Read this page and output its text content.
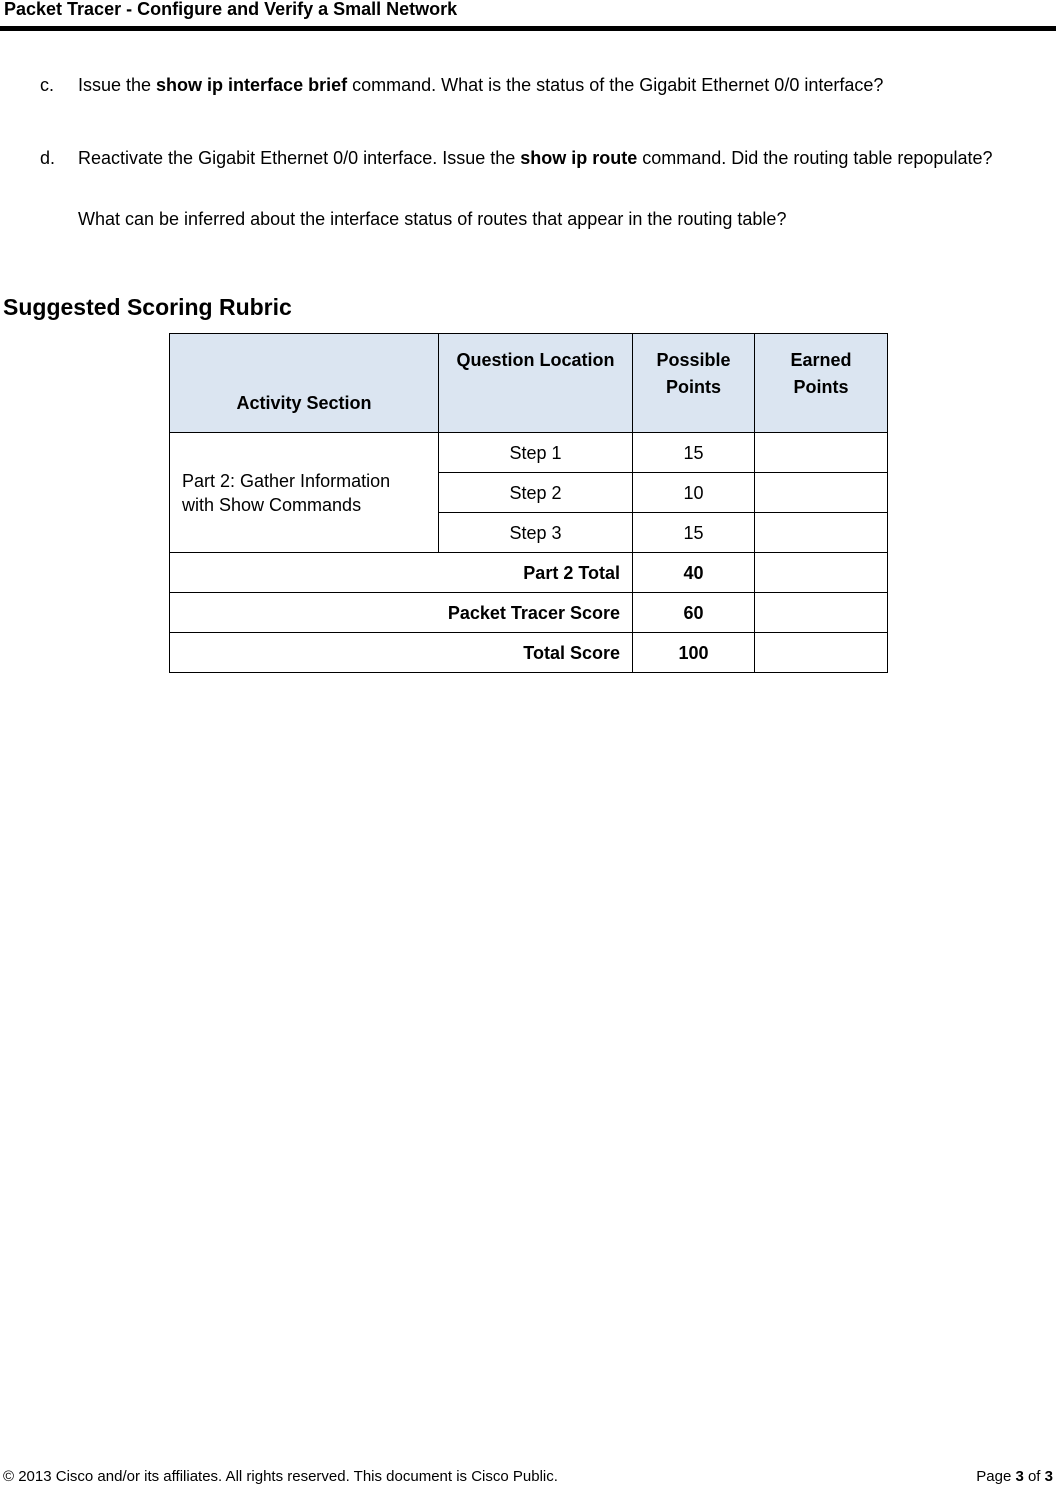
Packet Tracer - Configure and Verify a Small Network
c.	Issue the show ip interface brief command. What is the status of the Gigabit Ethernet 0/0 interface?
d.	Reactivate the Gigabit Ethernet 0/0 interface. Issue the show ip route command. Did the routing table repopulate?
What can be inferred about the interface status of routes that appear in the routing table?
Suggested Scoring Rubric
Activity Section	Question Location	Possible Points	Earned Points
Part 2: Gather Information with Show Commands	Step 1	15	
	Step 2	10	
	Step 3	15	
Part 2 Total		40	
Packet Tracer Score		60	
Total Score		100	
© 2013 Cisco and/or its affiliates. All rights reserved. This document is Cisco Public.	Page 3 of 3
